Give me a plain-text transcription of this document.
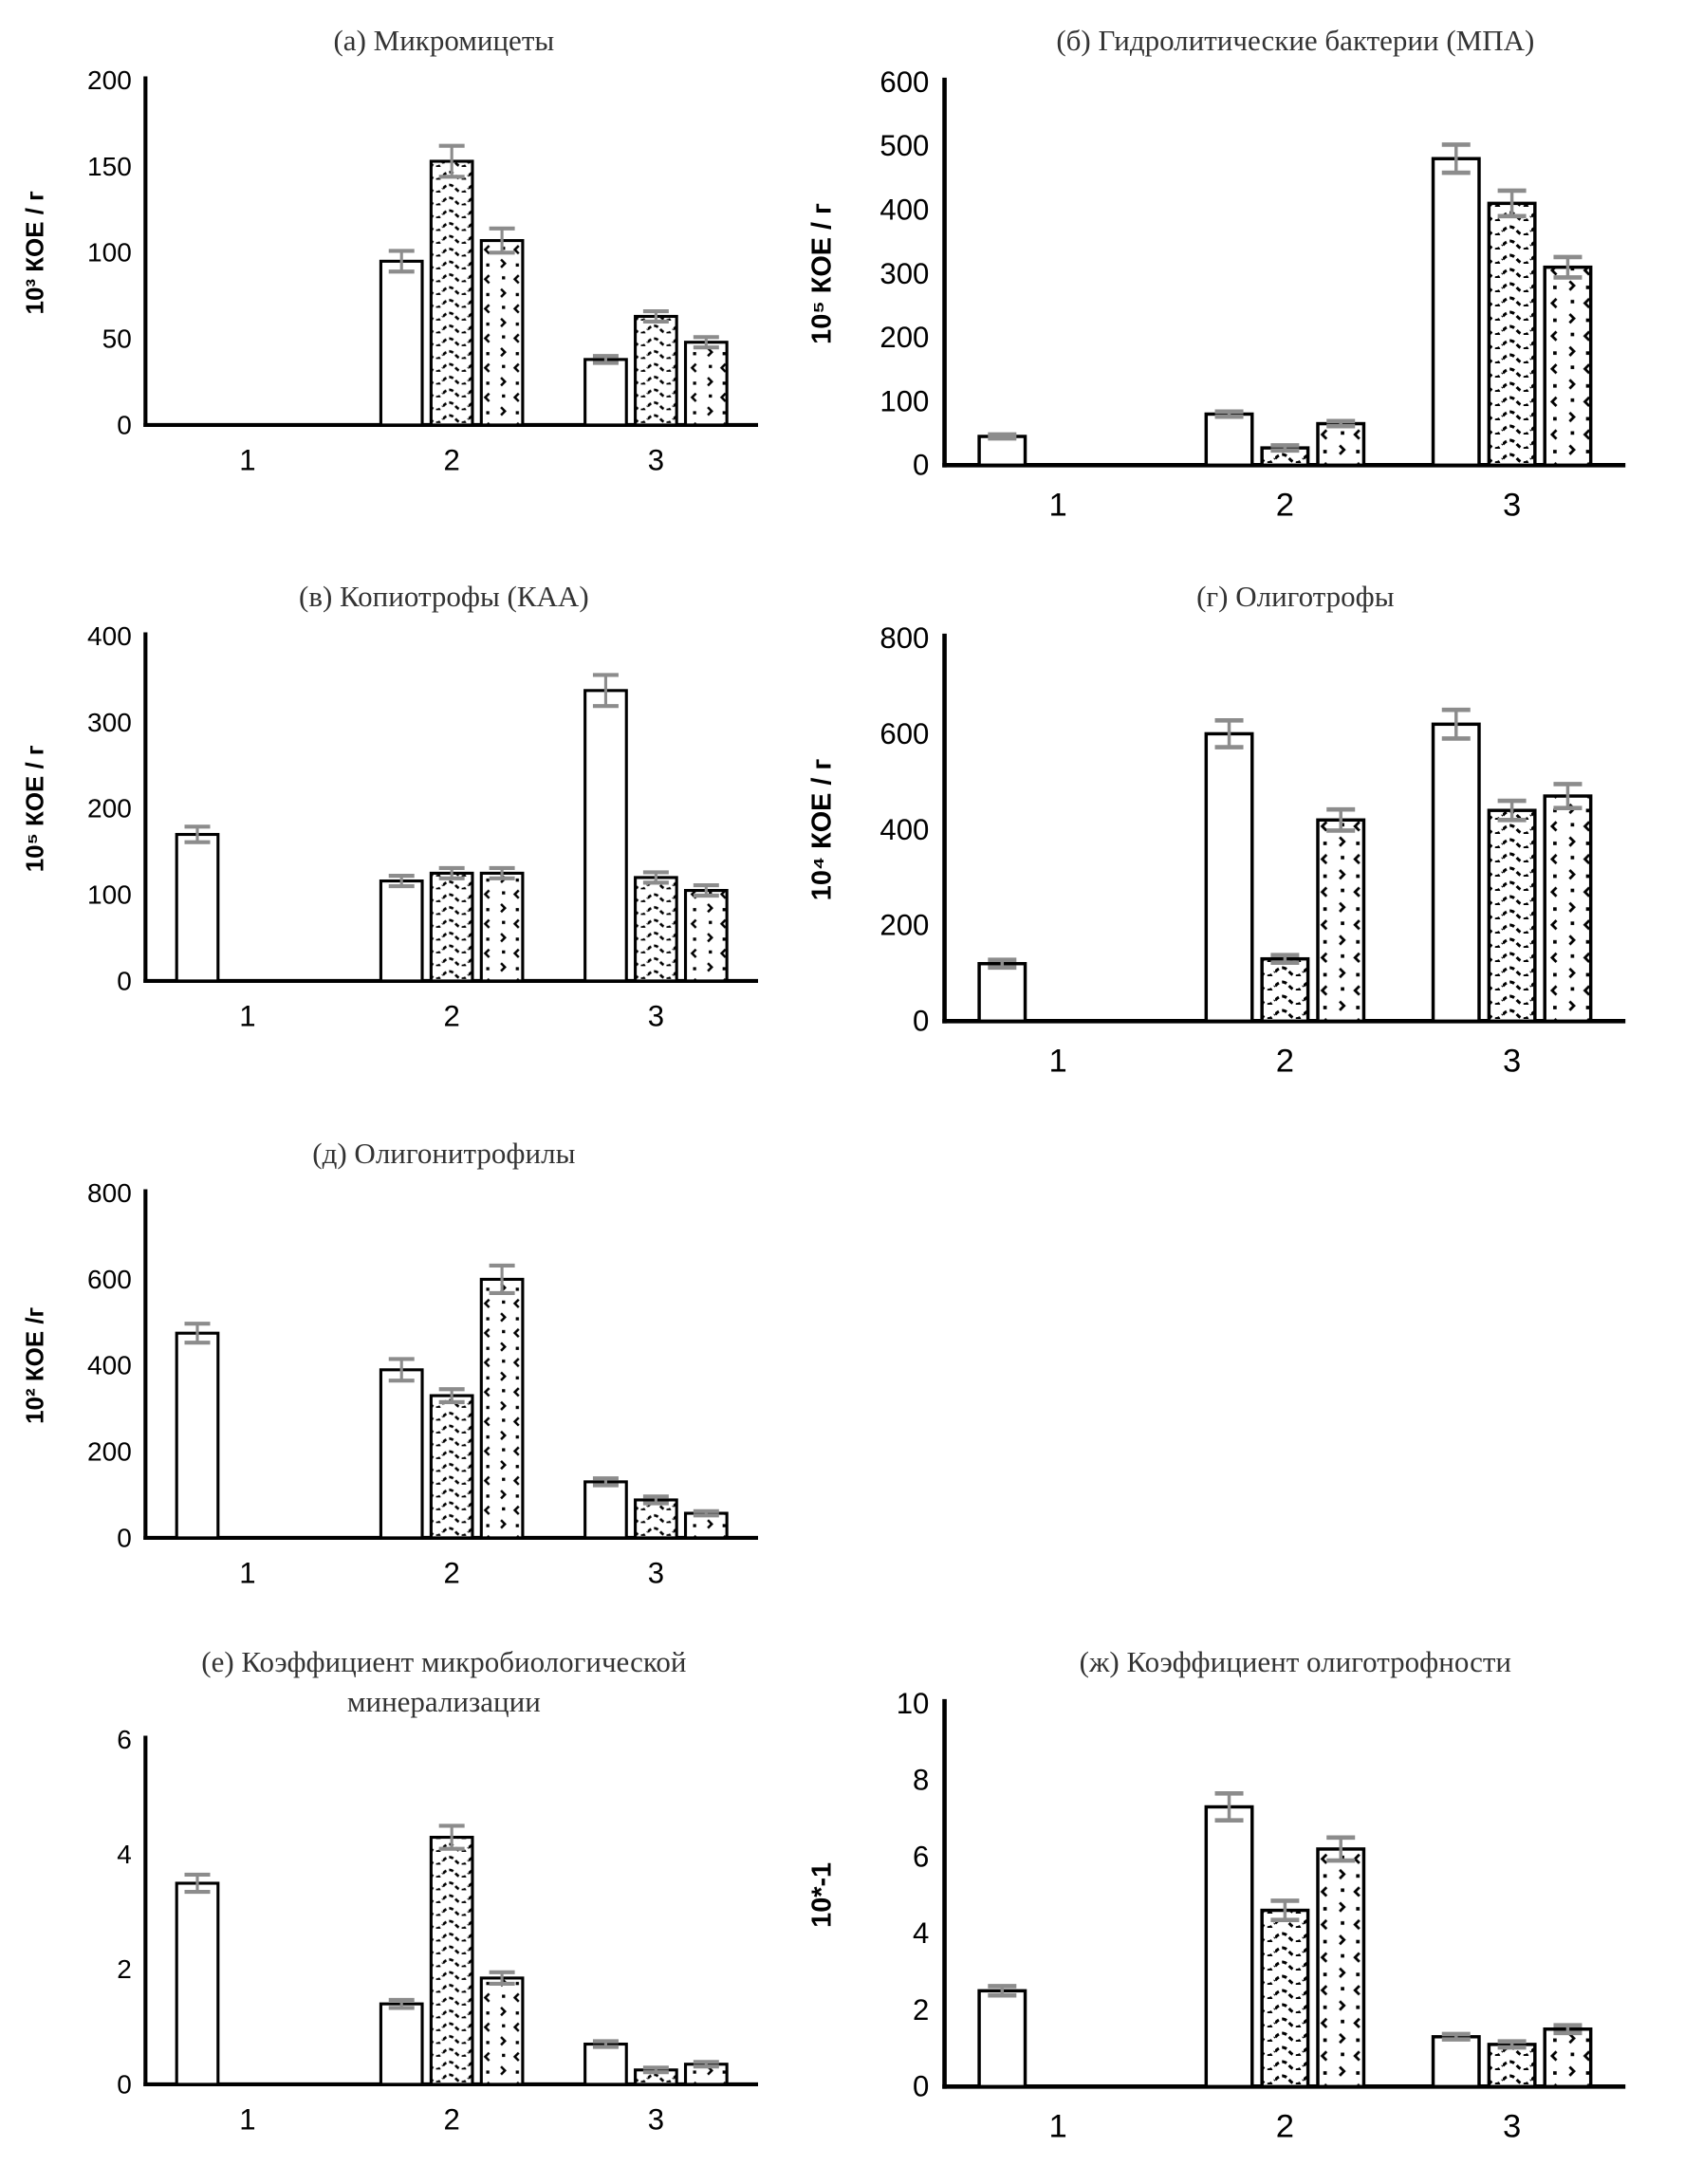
(а) Микромицеты
0
50
100
150
200
10³ КОЕ / г
1	2	3
(б) Гидролитические бактерии (МПА)
0
100
200
300
400
500
600
10⁵ КОЕ / г
1	2	3
(в) Копиотрофы (КАА)
0
100
200
300
400
10⁵ КОЕ / г
1	2	3
(г) Олиготрофы
0
200
400
600
800
10⁴ КОЕ / г
1	2	3
(д) Олигонитрофилы
0
200
400
600
800
10² КОЕ /г
1	2	3
(е) Коэффициент микробиологической минерализации
0
2
4
6
1	2	3
(ж) Коэффициент олиготрофности
0
2
4
6
8
10
10*-1
1	2	3
